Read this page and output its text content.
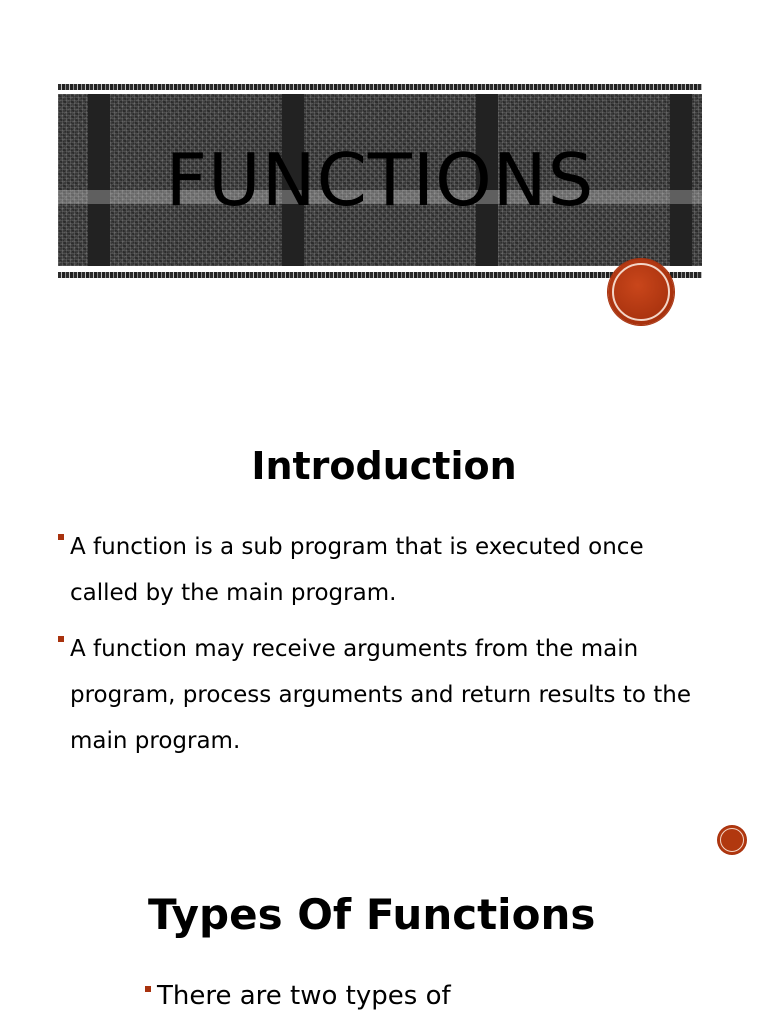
FUNCTIONS
Introduction
A function is a sub program that is executed once called by the main program.
A function may receive arguments from the main program, process arguments and return results to the main program.
Types Of Functions
There are two types of
